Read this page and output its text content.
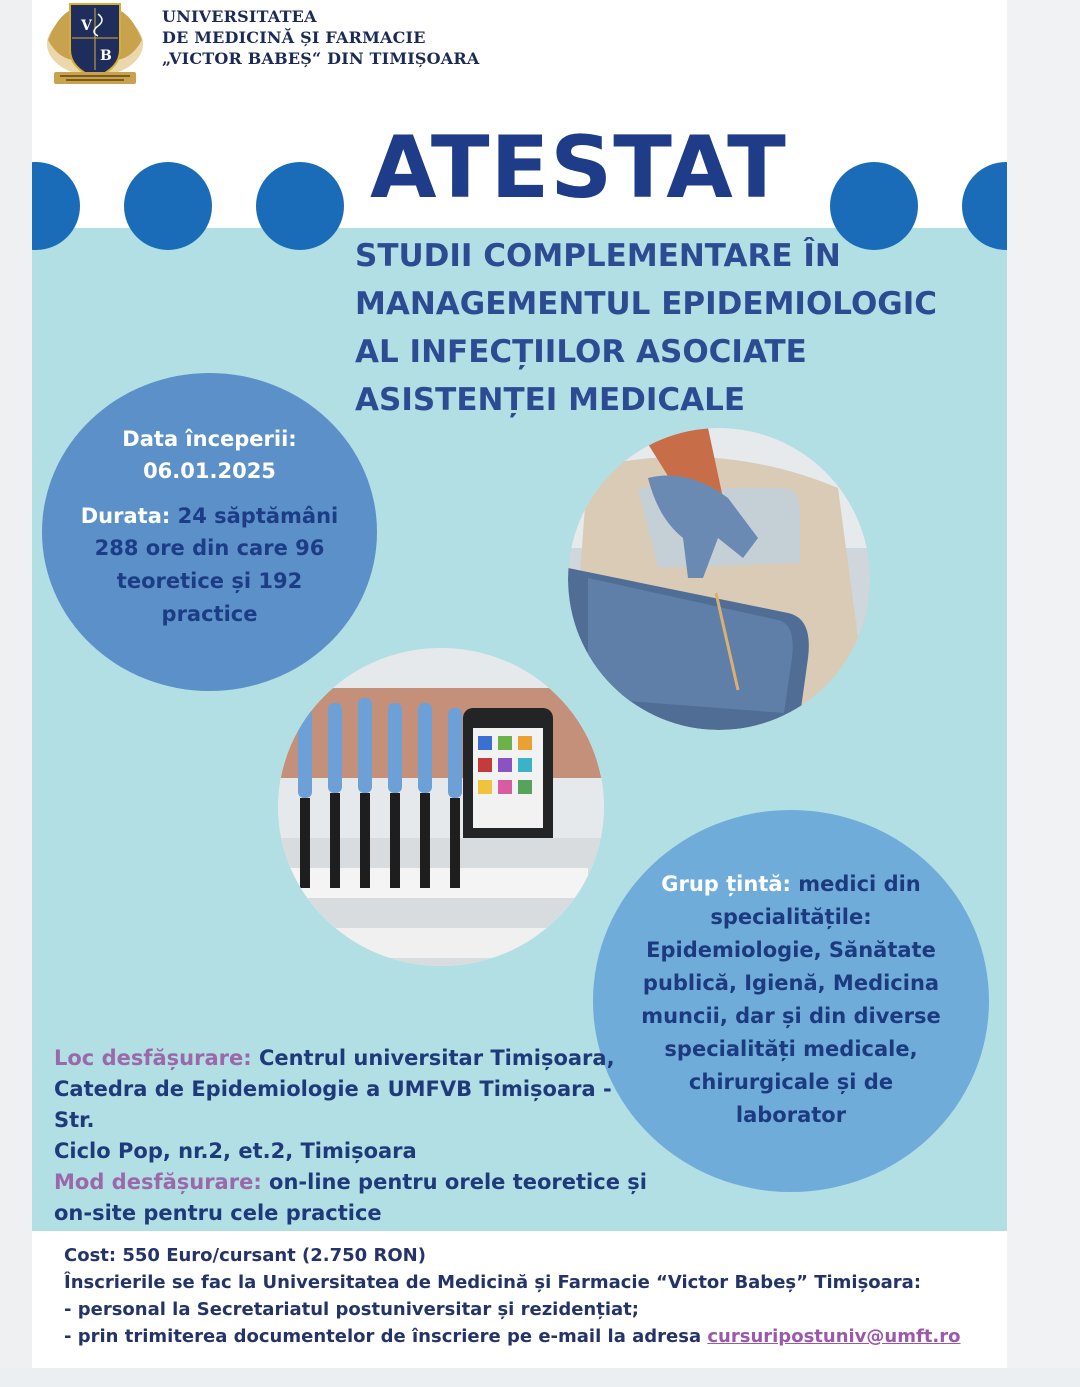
V
B
UNIVERSITATEA
DE MEDICINĂ ȘI FARMACIE
„VICTOR BABEȘ“ DIN TIMIȘOARA
ATESTAT
STUDII COMPLEMENTARE ÎN
MANAGEMENTUL EPIDEMIOLOGIC
AL INFECȚIILOR ASOCIATE
ASISTENȚEI MEDICALE
Data începerii:
06.01.2025
Durata: 24 săptămâni
288 ore din care 96
teoretice și 192
practice
Grup țintă: medici din
specialitățile:
Epidemiologie, Sănătate
publică, Igienă, Medicina
muncii, dar și din diverse
specialități medicale,
chirurgicale și de
laborator
Loc desfășurare: Centrul universitar Timișoara,
Catedra de Epidemiologie a UMFVB Timișoara - Str.
Ciclo Pop, nr.2, et.2, Timișoara
Mod desfășurare: on-line pentru orele teoretice și
on-site pentru cele practice
Cost: 550 Euro/cursant (2.750 RON)
Înscrierile se fac la Universitatea de Medicină și Farmacie “Victor Babeș” Timișoara:
- personal la Secretariatul postuniversitar și rezidențiat;
- prin trimiterea documentelor de înscriere pe e-mail la adresa cursuripostuniv@umft.ro
